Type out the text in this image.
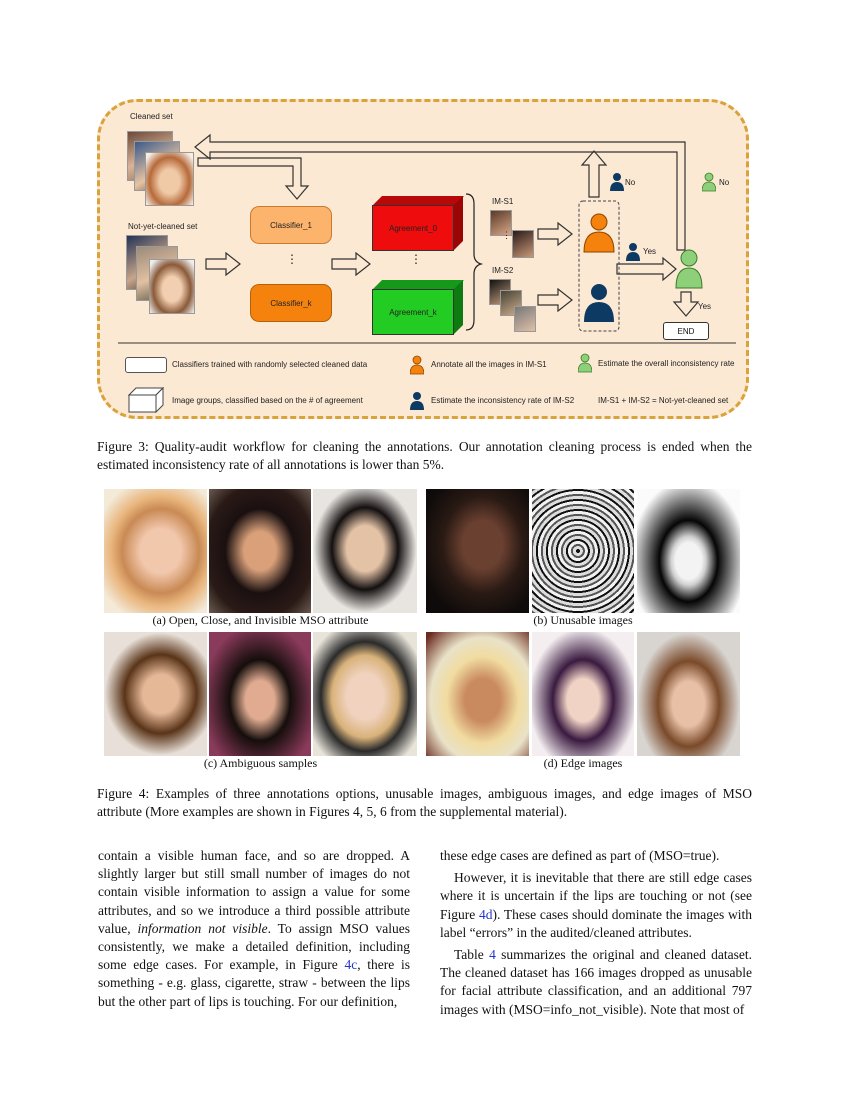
Cleaned set
Not-yet-cleaned set	Classifier_1
⋮
Classifier_k
Agreement_0
⋮
Agreement_k
IM-S1
⋮
IM-S2
No
Yes
No
Yes
END
Classifiers trained with randomly selected cleaned data
Image groups, classified based on the # of agreement
Annotate all the images in IM-S1
Estimate the inconsistency rate of IM-S2
Estimate the overall inconsistency rate
IM-S1 + IM-S2 = Not-yet-cleaned set
Figure 3: Quality-audit workflow for cleaning the annotations. Our annotation cleaning process is ended when the estimated inconsistency rate of all annotations is lower than 5%.
(a) Open, Close, and Invisible MSO attribute	(b) Unusable images
(c) Ambiguous samples	(d) Edge images
Figure 4: Examples of three annotations options, unusable images, ambiguous images, and edge images of MSO attribute (More examples are shown in Figures 4, 5, 6 from the supplemental material).

contain a visible human face, and so are dropped. A slightly larger but still small number of images do not contain visible information to assign a value for some attributes, and so we introduce a third possible attribute value, information not visible. To assign MSO values consistently, we make a detailed definition, including some edge cases. For example, in Figure 4c, there is something - e.g. glass, cigarette, straw - between the lips but the other part of lips is touching. For our definition,

these edge cases are defined as part of (MSO=true).

However, it is inevitable that there are still edge cases where it is uncertain if the lips are touching or not (see Figure 4d). These cases should dominate the images with label “errors” in the audited/cleaned attributes.

Table 4 summarizes the original and cleaned dataset. The cleaned dataset has 166 images dropped as unusable for facial attribute classification, and an additional 797 images with (MSO=info_not_visible). Note that most of
